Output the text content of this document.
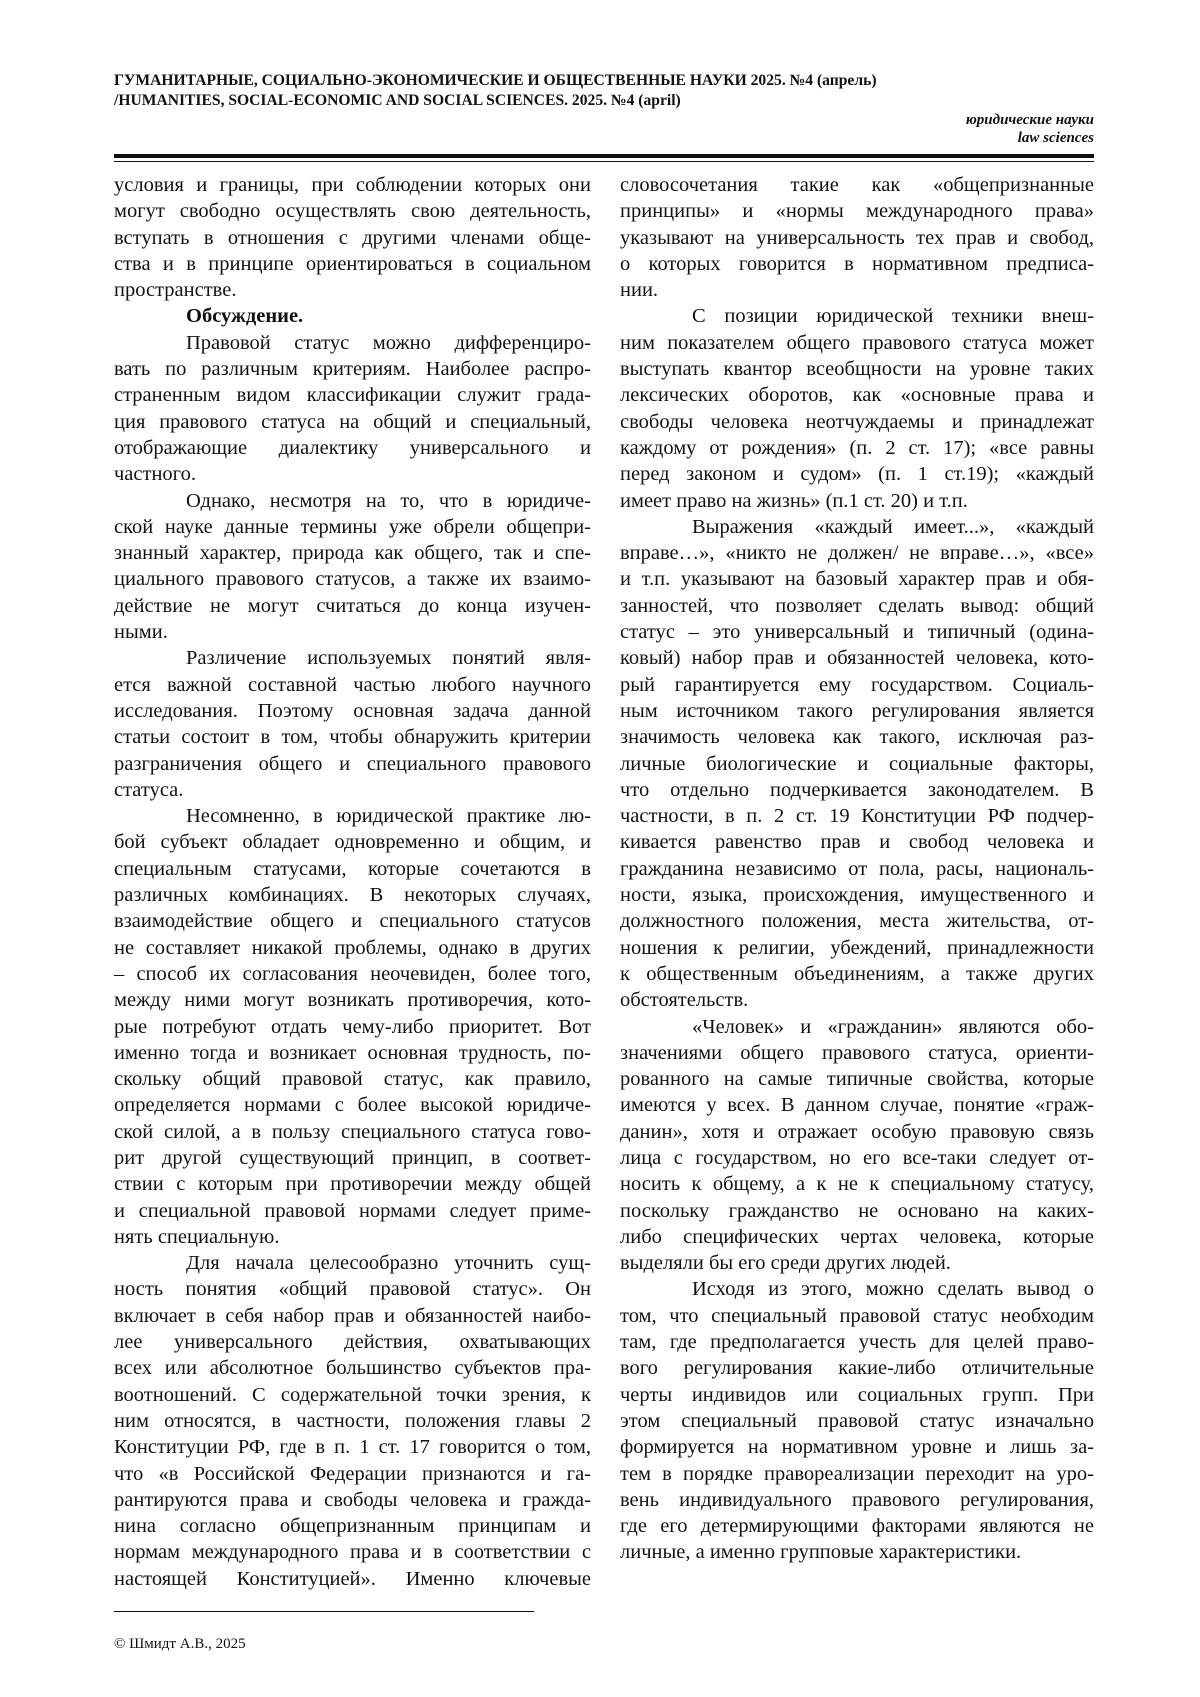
ГУМАНИТАРНЫЕ, СОЦИАЛЬНО-ЭКОНОМИЧЕСКИЕ И ОБЩЕСТВЕННЫЕ НАУКИ 2025. №4 (апрель)
/HUMANITIES, SOCIAL-ECONOMIC AND SOCIAL SCIENCES. 2025. №4 (april)
юридические науки
law sciences
условия и границы, при соблюдении которых они
могут свободно осуществлять свою деятельность,
вступать в отношения с другими членами обще-
ства и в принципе ориентироваться в социальном
пространстве.
Обсуждение.
Правовой статус можно дифференциро-
вать по различным критериям. Наиболее распро-
страненным видом классификации служит града-
ция правового статуса на общий и специальный,
отображающие диалектику универсального и
частного.
Однако, несмотря на то, что в юридиче-
ской науке данные термины уже обрели общепри-
знанный характер, природа как общего, так и спе-
циального правового статусов, а также их взаимо-
действие не могут считаться до конца изучен-
ными.
Различение используемых понятий явля-
ется важной составной частью любого научного
исследования. Поэтому основная задача данной
статьи состоит в том, чтобы обнаружить критерии
разграничения общего и специального правового
статуса.
Несомненно, в юридической практике лю-
бой субъект обладает одновременно и общим, и
специальным статусами, которые сочетаются в
различных комбинациях. В некоторых случаях,
взаимодействие общего и специального статусов
не составляет никакой проблемы, однако в других
– способ их согласования неочевиден, более того,
между ними могут возникать противоречия, кото-
рые потребуют отдать чему-либо приоритет. Вот
именно тогда и возникает основная трудность, по-
скольку общий правовой статус, как правило,
определяется нормами с более высокой юридиче-
ской силой, а в пользу специального статуса гово-
рит другой существующий принцип, в соответ-
ствии с которым при противоречии между общей
и специальной правовой нормами следует приме-
нять специальную.
Для начала целесообразно уточнить сущ-
ность понятия «общий правовой статус». Он
включает в себя набор прав и обязанностей наибо-
лее универсального действия, охватывающих
всех или абсолютное большинство субъектов пра-
воотношений. С содержательной точки зрения, к
ним относятся, в частности, положения главы 2
Конституции РФ, где в п. 1 ст. 17 говорится о том,
что «в Российской Федерации признаются и га-
рантируются права и свободы человека и гражда-
нина согласно общепризнанным принципам и
нормам международного права и в соответствии с
настоящей Конституцией». Именно ключевые
словосочетания такие как «общепризнанные
принципы» и «нормы международного права»
указывают на универсальность тех прав и свобод,
о которых говорится в нормативном предписа-
нии.
С позиции юридической техники внеш-
ним показателем общего правового статуса может
выступать квантор всеобщности на уровне таких
лексических оборотов, как «основные права и
свободы человека неотчуждаемы и принадлежат
каждому от рождения» (п. 2 ст. 17); «все равны
перед законом и судом» (п. 1 ст.19); «каждый
имеет право на жизнь» (п.1 ст. 20) и т.п.
Выражения «каждый имеет...», «каждый
вправе…», «никто не должен/ не вправе…», «все»
и т.п. указывают на базовый характер прав и обя-
занностей, что позволяет сделать вывод: общий
статус – это универсальный и типичный (одина-
ковый) набор прав и обязанностей человека, кото-
рый гарантируется ему государством. Социаль-
ным источником такого регулирования является
значимость человека как такого, исключая раз-
личные биологические и социальные факторы,
что отдельно подчеркивается законодателем. В
частности, в п. 2 ст. 19 Конституции РФ подчер-
кивается равенство прав и свобод человека и
гражданина независимо от пола, расы, националь-
ности, языка, происхождения, имущественного и
должностного положения, места жительства, от-
ношения к религии, убеждений, принадлежности
к общественным объединениям, а также других
обстоятельств.
«Человек» и «гражданин» являются обо-
значениями общего правового статуса, ориенти-
рованного на самые типичные свойства, которые
имеются у всех. В данном случае, понятие «граж-
данин», хотя и отражает особую правовую связь
лица с государством, но его все-таки следует от-
носить к общему, а к не к специальному статусу,
поскольку гражданство не основано на каких-
либо специфических чертах человека, которые
выделяли бы его среди других людей.
Исходя из этого, можно сделать вывод о
том, что специальный правовой статус необходим
там, где предполагается учесть для целей право-
вого регулирования какие-либо отличительные
черты индивидов или социальных групп. При
этом специальный правовой статус изначально
формируется на нормативном уровне и лишь за-
тем в порядке правореализации переходит на уро-
вень индивидуального правового регулирования,
где его детермирующими факторами являются не
личные, а именно групповые характеристики.
© Шмидт А.В., 2025
